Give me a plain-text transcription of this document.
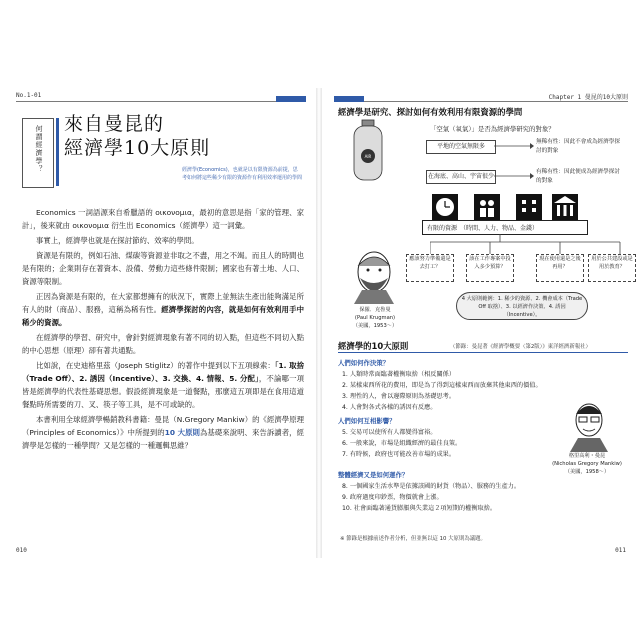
No.1-01
何謂經濟學？
來自曼昆的
經濟學10大原則
經濟學(Economics)，也就是以有限資源為前提，思考如何將這些稀少有限的資源作有利用效率運用的學問

Economics 一詞語源來自希臘語的 οικονομια，最初的意思是指「家的管理、家計」，後來就由 οικονομια 衍生出 Economics（經濟學）這一詞彙。

事實上，經濟學也就是在探討節約、效率的學問。

資源是有限的，例如石油、煤碳等資源並非取之不盡，用之不竭。而且人的時間也是有限的；企業則存在著資本、設備、勞動力這些條件限制；國家也有著土地、人口、資源等限制。

正因為資源是有限的，在大家都想擁有的狀況下，實際上並無法生產出能夠滿足所有人的財（商品）、服務，這稱為稀有性。經濟學探討的內容，就是如何有效利用手中稀少的資源。

在經濟學的學習、研究中，會針對經濟現象有著不同的切入點，但這些不同切入點的中心思想（原理）卻有著共通點。

比如說，在史迪格里茲（Joseph Stiglitz）的著作中提到以下五項線索：「1. 取捨（Trade Off）、2. 誘因（Incentive）、3. 交換、4. 情報、5. 分配」，不論哪一項皆是經濟學的代表性基礎思想。假設經濟現象是一道餐點，那麼這五項即是在食用這道餐點時所需要的刀、叉、筷子等工具，是不可或缺的。

本書利用全球經濟學暢銷教科書籍：曼昆（N.Gregory Mankiw）的《經濟學原理（Principles of Economics）》中所提到的10 大原則為基礎來說明、來告訴讀者，經濟學是怎樣的一種學問？又是怎樣的一種邏輯思維？

010
Chapter 1 曼昆的10大原則
經濟學是研究、探討如何有效利用有限資源的學問
「空氣（氧氣）」是否為經濟學研究的對象？
AIR
平地的空氣無限多
在海底、高山、宇宙很少
無稀有性：因此不會成為經濟學探討的對象
有稀有性：因此便成為經濟學探討的對象
有限的資源　（時間、人力、物品、金錢）
應該努力準備還是去打工？
該在工作專案中投入多少預算？
現在使用還是之後再用？
用於公共建設或是用於教育？
保羅．克魯曼
(Paul Krugman)
（美國，1953～）
4 大原則範例：1. 稀少的資源、2. 機會成本（Trade Off 取捨）、3. 以經濟作決策、4. 誘因（Incentive）。
經濟學的10大原則	（節錄：曼昆著《經濟學概要（第2版）》東洋經濟新報社）
人們如何作決策？
1. 人類時常面臨著權衡取捨（相反關係）
2. 某樣東西所花的費用，即是為了得到這樣東西而放棄其他東西的價值。
3. 理性的人，會以邊際原則為基礎思考。
4. 人會對各式各樣的誘因有反應。
人們如何互相影響？
5. 交易可以使所有人都變得富裕。
6. 一般來說，市場是組織經濟的最佳良策。
7. 有時候，政府也可能改善市場的成果。	格里高利・曼昆
(Nicholas Gregory Mankiw)
（美國，1958～）
整體經濟又是如何運作？
8. 一個國家生活水準是依據該國的財貨（物品）、服務的生產力。
9. 政府過度印鈔票，物價就會上漲。
10. 社會面臨著通貨膨脹與失業這２項短期的權衡取捨。
※ 節錄是根據前述作者分析，但並無以這 10 大原則為議題。
011
